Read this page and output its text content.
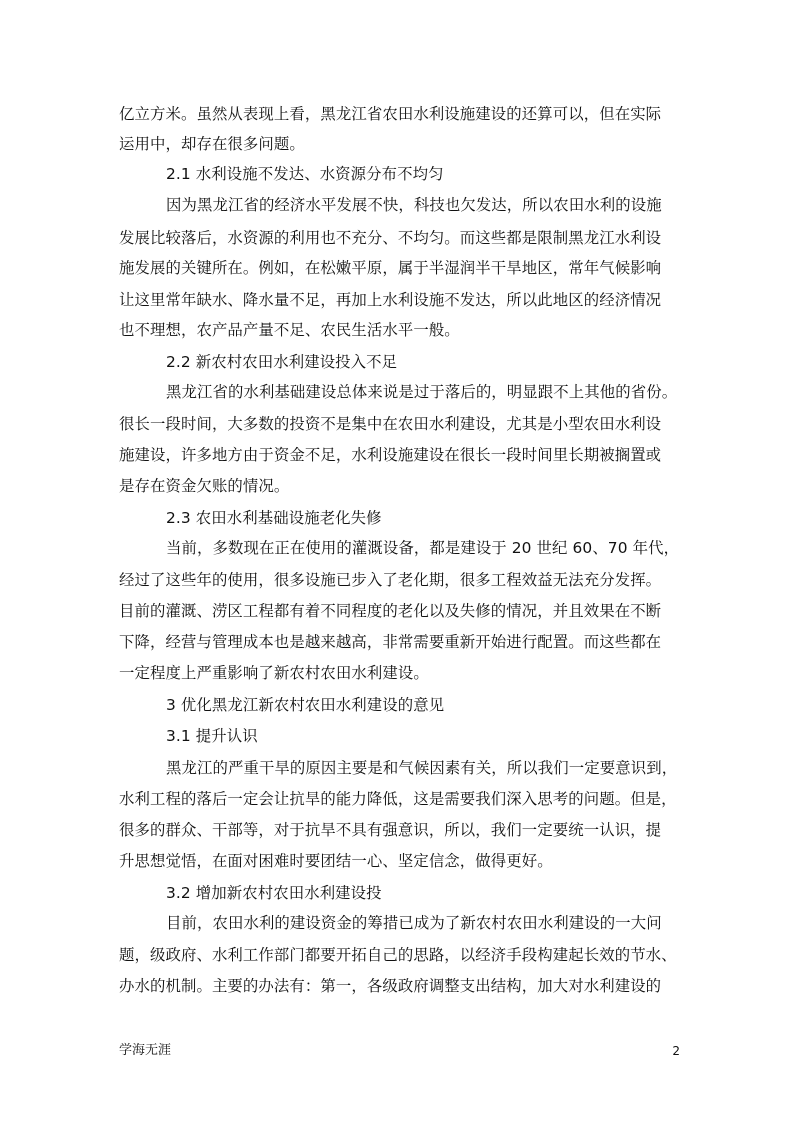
亿立方米。虽然从表现上看，黑龙江省农田水利设施建设的还算可以，但在实际
运用中，却存在很多问题。
2.1 水利设施不发达、水资源分布不均匀
因为黑龙江省的经济水平发展不快，科技也欠发达，所以农田水利的设施
发展比较落后，水资源的利用也不充分、不均匀。而这些都是限制黑龙江水利设
施发展的关键所在。例如，在松嫩平原，属于半湿润半干旱地区，常年气候影响
让这里常年缺水、降水量不足，再加上水利设施不发达，所以此地区的经济情况
也不理想，农产品产量不足、农民生活水平一般。
2.2 新农村农田水利建设投入不足
黑龙江省的水利基础建设总体来说是过于落后的，明显跟不上其他的省份。
很长一段时间，大多数的投资不是集中在农田水利建设，尤其是小型农田水利设
施建设，许多地方由于资金不足，水利设施建设在很长一段时间里长期被搁置或
是存在资金欠账的情况。
2.3 农田水利基础设施老化失修
当前，多数现在正在使用的灌溉设备，都是建设于 20 世纪 60、70 年代，
经过了这些年的使用，很多设施已步入了老化期，很多工程效益无法充分发挥。
目前的灌溉、涝区工程都有着不同程度的老化以及失修的情况，并且效果在不断
下降，经营与管理成本也是越来越高，非常需要重新开始进行配置。而这些都在
一定程度上严重影响了新农村农田水利建设。
3 优化黑龙江新农村农田水利建设的意见
3.1 提升认识
黑龙江的严重干旱的原因主要是和气候因素有关，所以我们一定要意识到，
水利工程的落后一定会让抗旱的能力降低，这是需要我们深入思考的问题。但是，
很多的群众、干部等，对于抗旱不具有强意识，所以，我们一定要统一认识，提
升思想觉悟，在面对困难时要团结一心、坚定信念，做得更好。
3.2 增加新农村农田水利建设投
目前，农田水利的建设资金的筹措已成为了新农村农田水利建设的一大问
题，级政府、水利工作部门都要开拓自己的思路，以经济手段构建起长效的节水、
办水的机制。主要的办法有：第一，各级政府调整支出结构，加大对水利建设的
学海无涯	2
